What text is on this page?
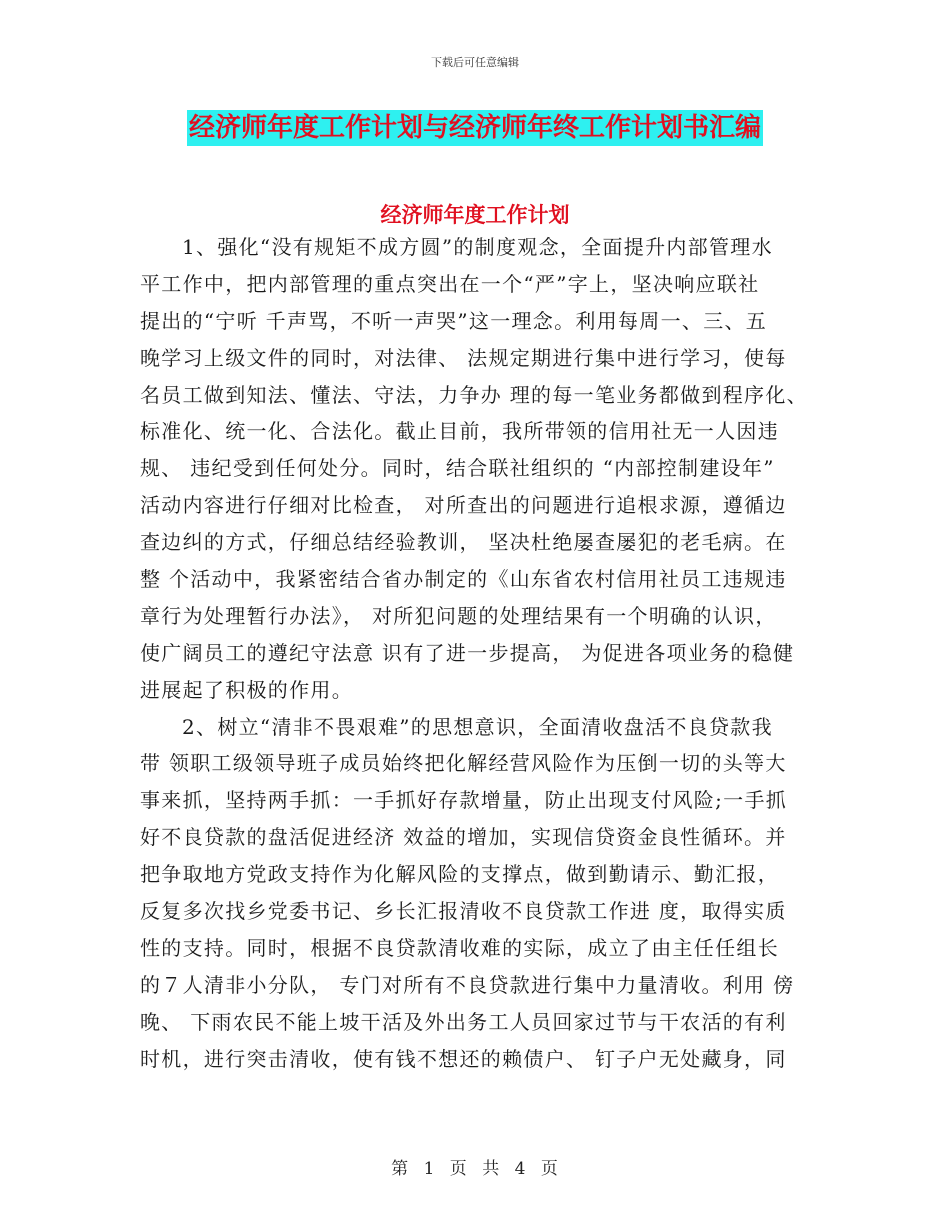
下载后可任意编辑
经济师年度工作计划与经济师年终工作计划书汇编
经济师年度工作计划
1、强化“没有规矩不成方圆”的制度观念，全面提升内部管理水
平工作中，把内部管理的重点突出在一个“严”字上，坚决响应联社
提出的“宁听 千声骂，不听一声哭”这一理念。利用每周一、三、五
晚学习上级文件的同时，对法律、 法规定期进行集中进行学习，使每
名员工做到知法、懂法、守法，力争办 理的每一笔业务都做到程序化、
标准化、统一化、合法化。截止目前，我所带领的信用社无一人因违
规、 违纪受到任何处分。同时，结合联社组织的 “内部控制建设年”
活动内容进行仔细对比检查， 对所查出的问题进行追根求源，遵循边
查边纠的方式，仔细总结经验教训， 坚决杜绝屡查屡犯的老毛病。在
整 个活动中，我紧密结合省办制定的《山东省农村信用社员工违规违
章行为处理暂行办法》， 对所犯问题的处理结果有一个明确的认识，
使广阔员工的遵纪守法意 识有了进一步提高， 为促进各项业务的稳健
进展起了积极的作用。
2、树立“清非不畏艰难”的思想意识，全面清收盘活不良贷款我
带 领职工级领导班子成员始终把化解经营风险作为压倒一切的头等大
事来抓，坚持两手抓：一手抓好存款增量，防止出现支付风险;一手抓
好不良贷款的盘活促进经济 效益的增加，实现信贷资金良性循环。并
把争取地方党政支持作为化解风险的支撑点，做到勤请示、勤汇报，
反复多次找乡党委书记、乡长汇报清收不良贷款工作进 度，取得实质
性的支持。同时，根据不良贷款清收难的实际，成立了由主任任组长
的７人清非小分队， 专门对所有不良贷款进行集中力量清收。利用 傍
晚、 下雨农民不能上坡干活及外出务工人员回家过节与干农活的有利
时机，进行突击清收，使有钱不想还的赖债户、 钉子户无处藏身，同
第 1 页 共 4 页
